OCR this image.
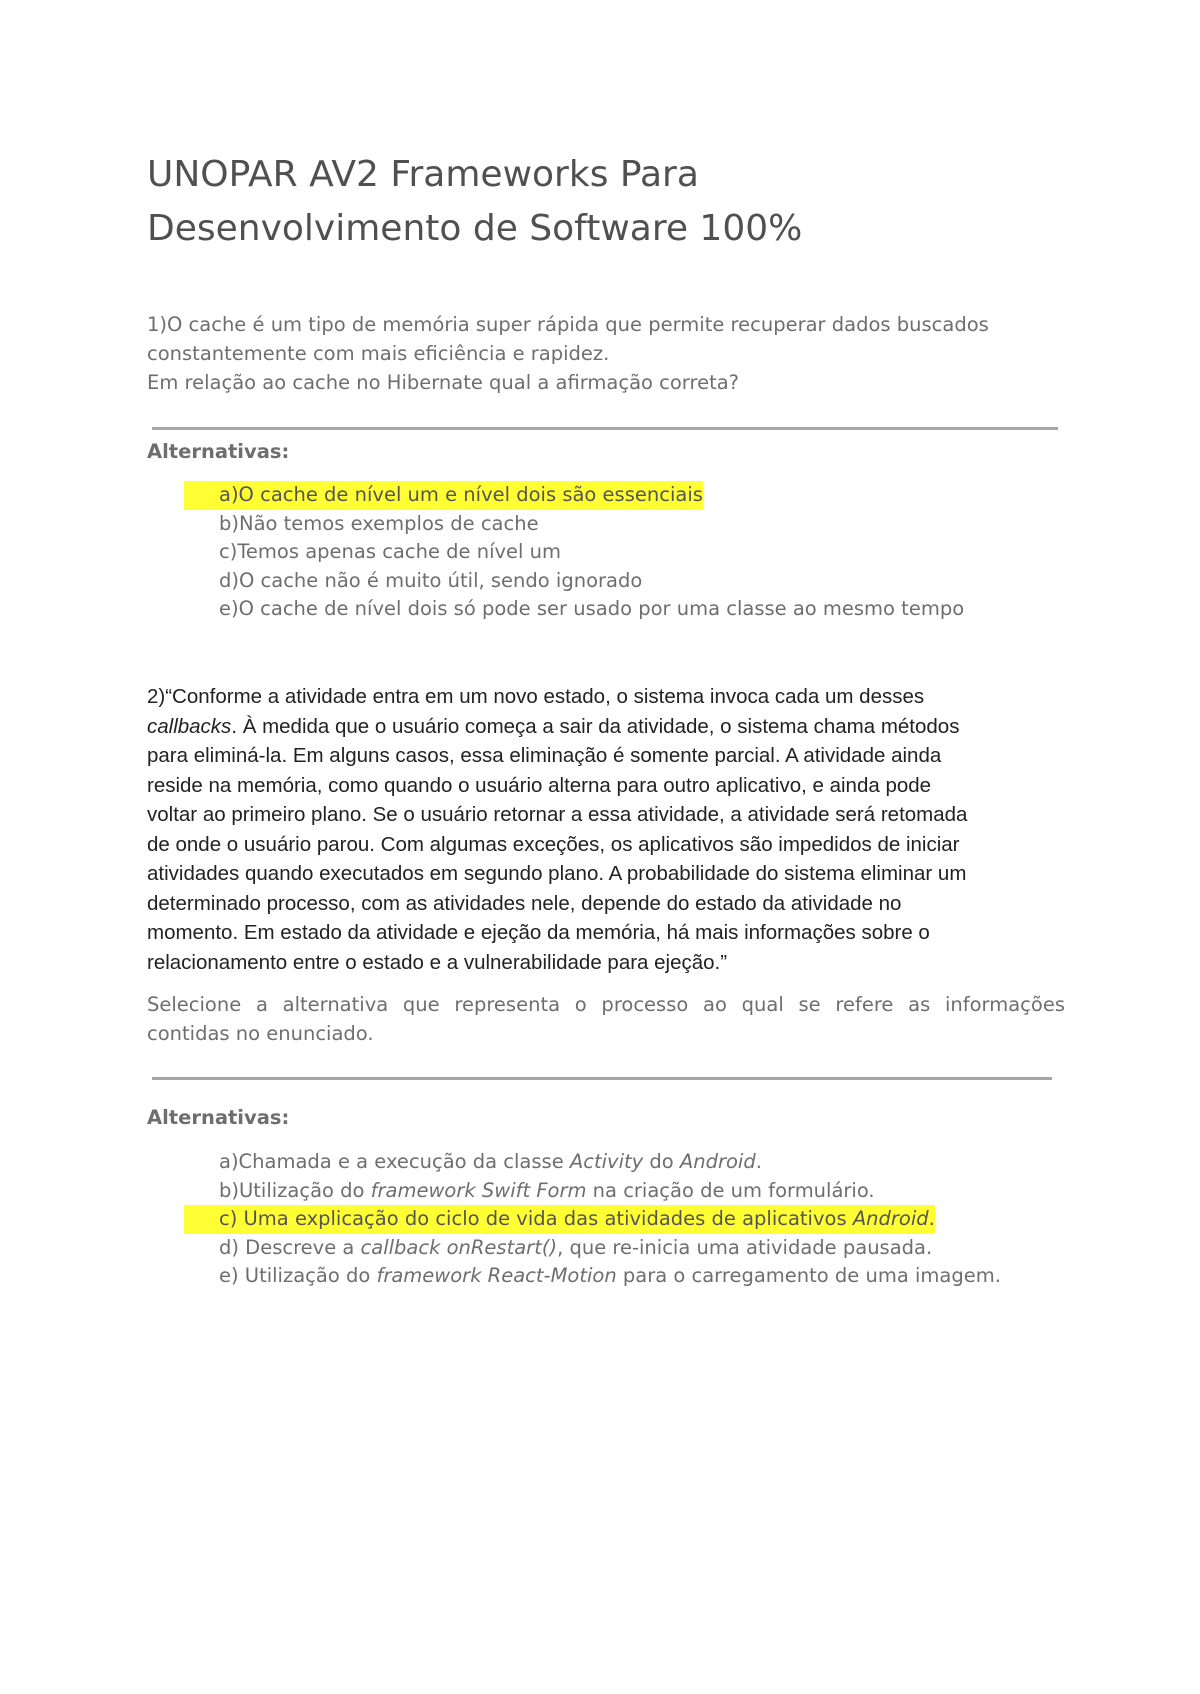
UNOPAR AV2 Frameworks Para
Desenvolvimento de Software 100%
1)O cache é um tipo de memória super rápida que permite recuperar dados buscados
constantemente com mais eficiência e rapidez.
Em relação ao cache no Hibernate qual a afirmação correta?
Alternativas:
a)O cache de nível um e nível dois são essenciais
b)Não temos exemplos de cache
c)Temos apenas cache de nível um
d)O cache não é muito útil, sendo ignorado
e)O cache de nível dois só pode ser usado por uma classe ao mesmo tempo
2)“Conforme a atividade entra em um novo estado, o sistema invoca cada um desses
callbacks. À medida que o usuário começa a sair da atividade, o sistema chama métodos
para eliminá-la. Em alguns casos, essa eliminação é somente parcial. A atividade ainda
reside na memória, como quando o usuário alterna para outro aplicativo, e ainda pode
voltar ao primeiro plano. Se o usuário retornar a essa atividade, a atividade será retomada
de onde o usuário parou. Com algumas exceções, os aplicativos são impedidos de iniciar
atividades quando executados em segundo plano. A probabilidade do sistema eliminar um
determinado processo, com as atividades nele, depende do estado da atividade no
momento. Em estado da atividade e ejeção da memória, há mais informações sobre o
relacionamento entre o estado e a vulnerabilidade para ejeção.”
Selecione a alternativa que representa o processo ao qual se refere as informações
contidas no enunciado.
Alternativas:
a)Chamada e a execução da classe Activity do Android.
b)Utilização do framework Swift Form na criação de um formulário.
c) Uma explicação do ciclo de vida das atividades de aplicativos Android.
d) Descreve a callback onRestart(), que re-inicia uma atividade pausada.
e) Utilização do framework React-Motion para o carregamento de uma imagem.
